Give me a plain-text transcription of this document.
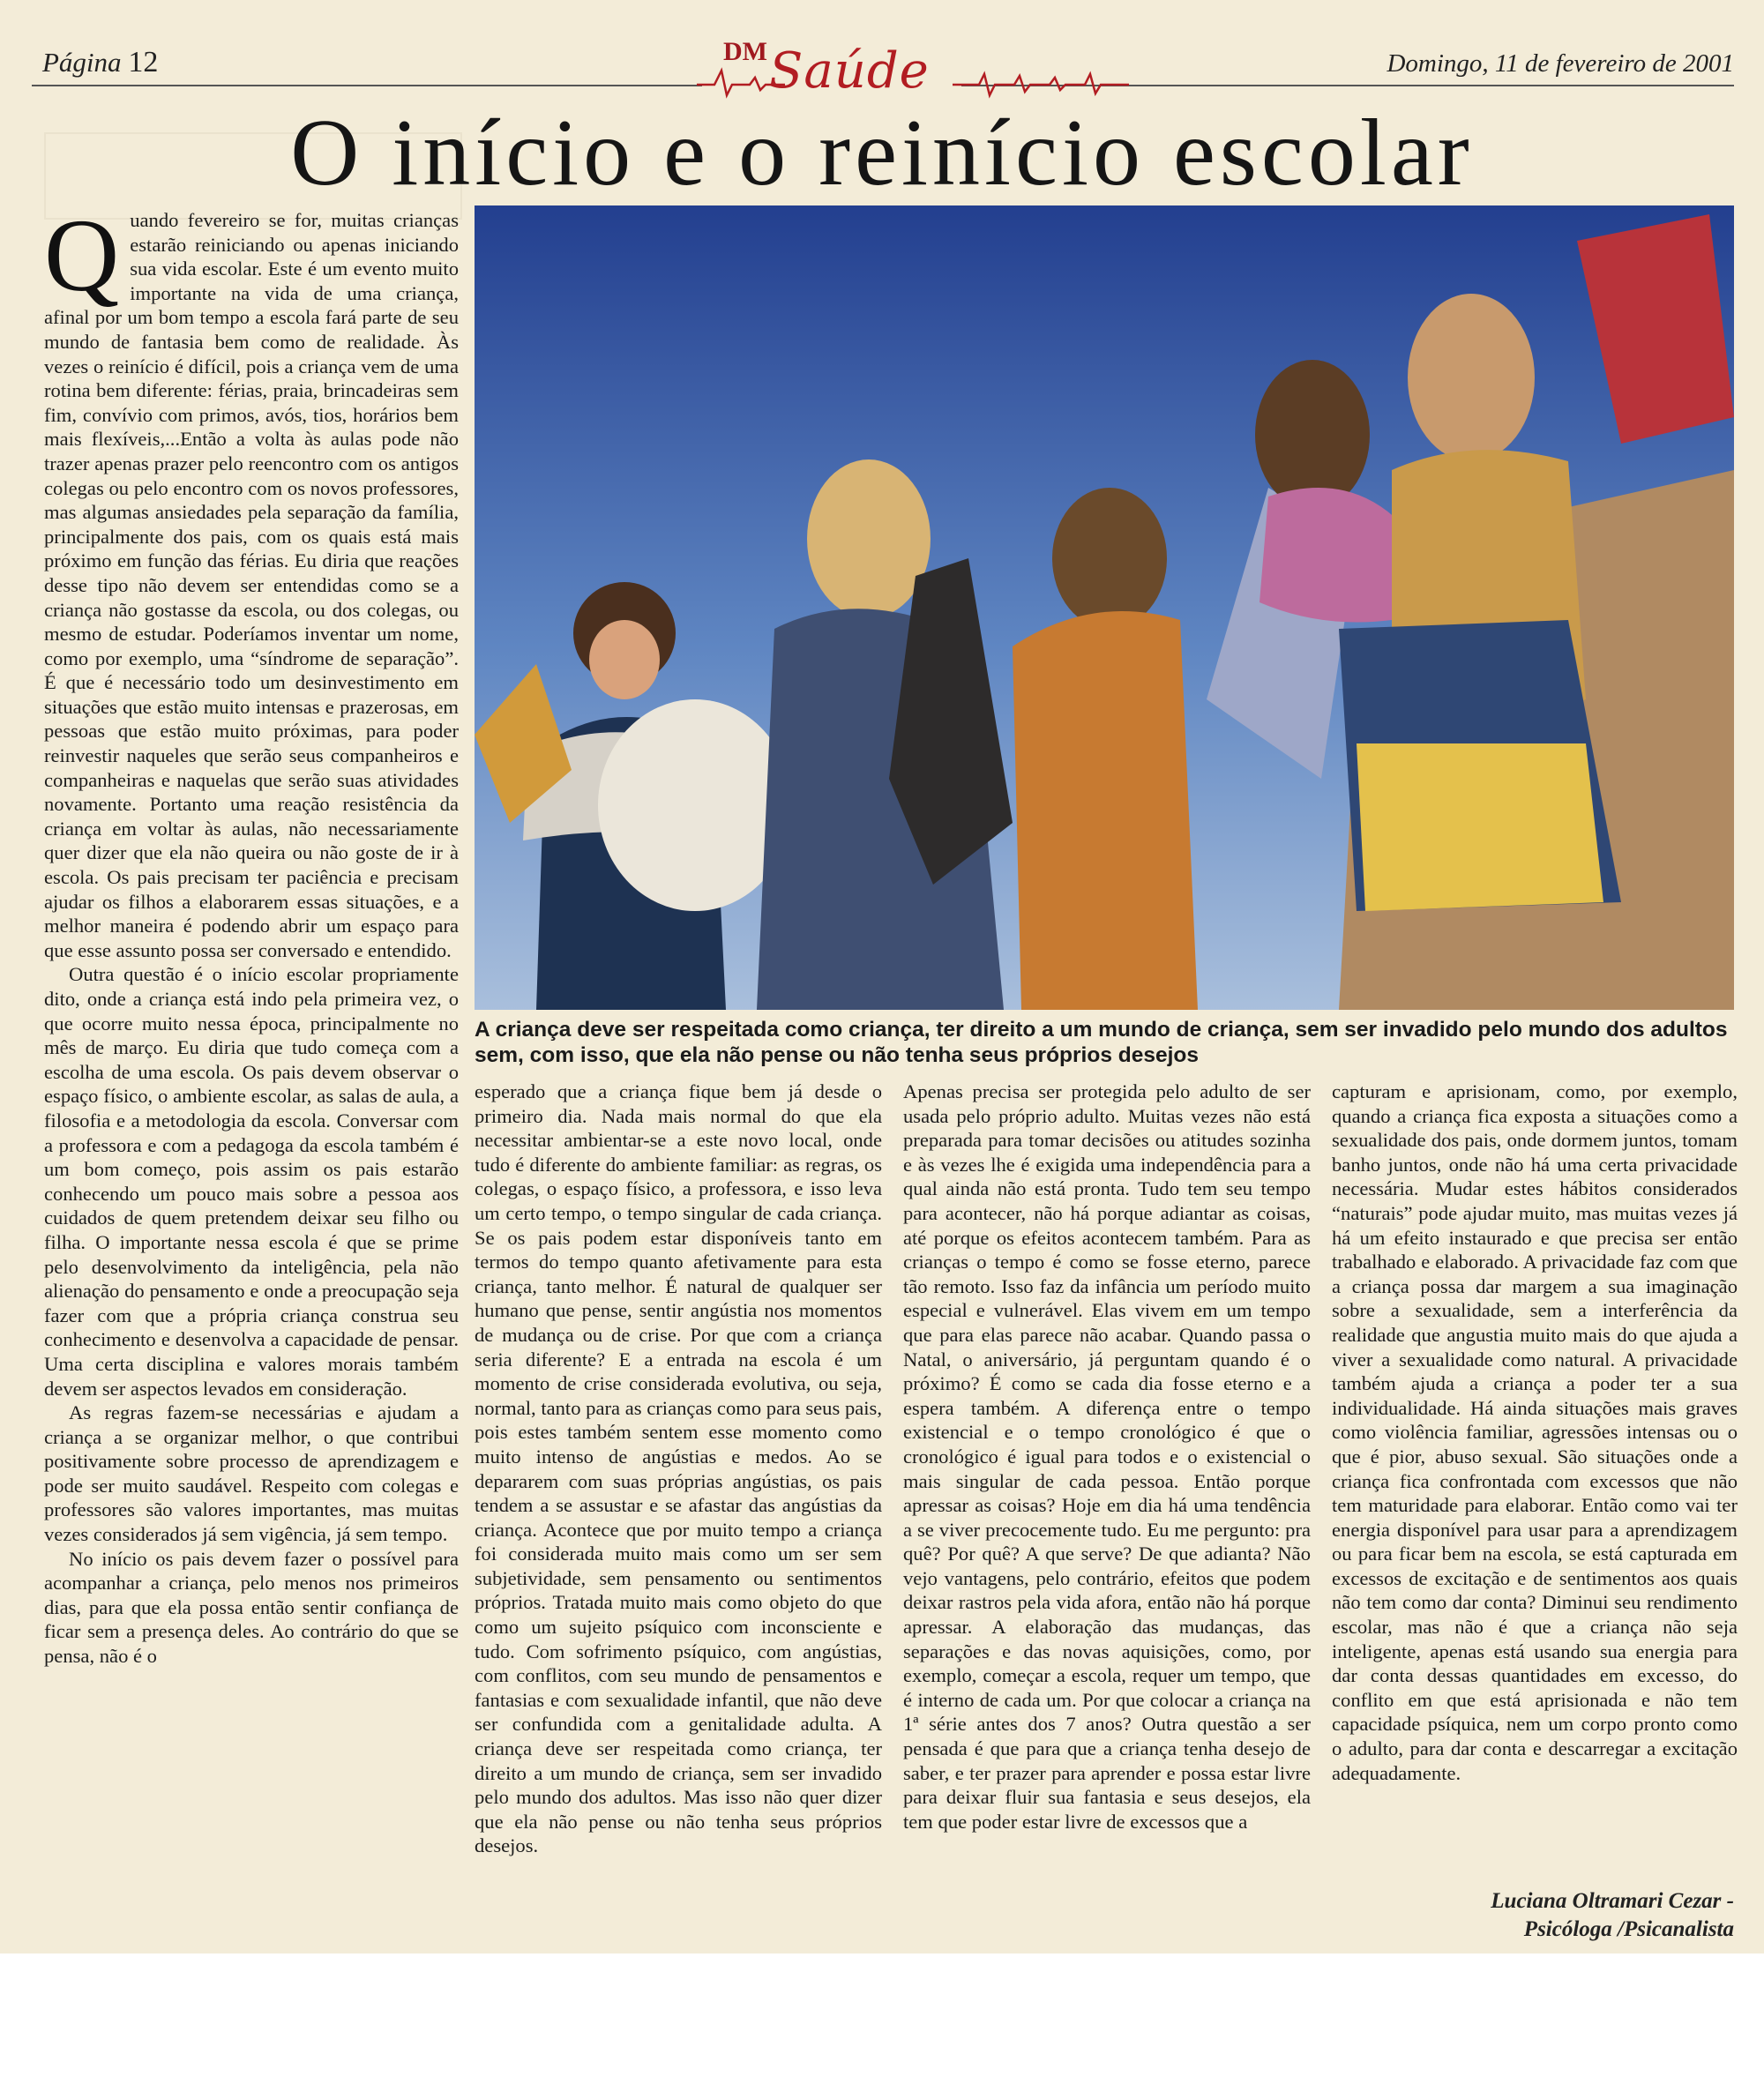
Página 12	DM Saúde	Domingo, 11 de fevereiro de 2001
O início e o reinício escolar

Quando fevereiro se for, muitas crianças estarão reiniciando ou apenas iniciando sua vida escolar. Este é um evento muito importante na vida de uma criança, afinal por um bom tempo a escola fará parte de seu mundo de fantasia bem como de realidade. Às vezes o reinício é difícil, pois a criança vem de uma rotina bem diferente: férias, praia, brincadeiras sem fim, convívio com primos, avós, tios, horários bem mais flexíveis,...Então a volta às aulas pode não trazer apenas prazer pelo reencontro com os antigos colegas ou pelo encontro com os novos professores, mas algumas ansiedades pela separação da família, principalmente dos pais, com os quais está mais próximo em função das férias. Eu diria que reações desse tipo não devem ser entendidas como se a criança não gostasse da escola, ou dos colegas, ou mesmo de estudar. Poderíamos inventar um nome, como por exemplo, uma “síndrome de separação”. É que é necessário todo um desinvestimento em situações que estão muito intensas e prazerosas, em pessoas que estão muito próximas, para poder reinvestir naqueles que serão seus companheiros e companheiras e naquelas que serão suas atividades novamente. Portanto uma reação resistência da criança em voltar às aulas, não necessariamente quer dizer que ela não queira ou não goste de ir à escola. Os pais precisam ter paciência e precisam ajudar os filhos a elaborarem essas situações, e a melhor maneira é podendo abrir um espaço para que esse assunto possa ser conversado e entendido.

Outra questão é o início escolar propriamente dito, onde a criança está indo pela primeira vez, o que ocorre muito nessa época, principalmente no mês de março. Eu diria que tudo começa com a escolha de uma escola. Os pais devem observar o espaço físico, o ambiente escolar, as salas de aula, a filosofia e a metodologia da escola. Conversar com a professora e com a pedagoga da escola também é um bom começo, pois assim os pais estarão conhecendo um pouco mais sobre a pessoa aos cuidados de quem pretendem deixar seu filho ou filha. O importante nessa escola é que se prime pelo desenvolvimento da inteligência, pela não alienação do pensamento e onde a preocupação seja fazer com que a própria criança construa seu conhecimento e desenvolva a capacidade de pensar. Uma certa disciplina e valores morais também devem ser aspectos levados em consideração.

As regras fazem-se necessárias e ajudam a criança a se organizar melhor, o que contribui positivamente sobre processo de aprendizagem e pode ser muito saudável. Respeito com colegas e professores são valores importantes, mas muitas vezes considerados já sem vigência, já sem tempo.

No início os pais devem fazer o possível para acompanhar a criança, pelo menos nos primeiros dias, para que ela possa então sentir confiança de ficar sem a presença deles. Ao contrário do que se pensa, não é o

A criança deve ser respeitada como criança, ter direito a um mundo de criança, sem ser invadido pelo mundo dos adultos sem, com isso, que ela não pense ou não tenha seus próprios desejos

esperado que a criança fique bem já desde o primeiro dia. Nada mais normal do que ela necessitar ambientar-se a este novo local, onde tudo é diferente do ambiente familiar: as regras, os colegas, o espaço físico, a professora, e isso leva um certo tempo, o tempo singular de cada criança. Se os pais podem estar disponíveis tanto em termos do tempo quanto afetivamente para esta criança, tanto melhor. É natural de qualquer ser humano que pense, sentir angústia nos momentos de mudança ou de crise. Por que com a criança seria diferente? E a entrada na escola é um momento de crise considerada evolutiva, ou seja, normal, tanto para as crianças como para seus pais, pois estes também sentem esse momento como muito intenso de angústias e medos. Ao se depararem com suas próprias angústias, os pais tendem a se assustar e se afastar das angústias da criança. Acontece que por muito tempo a criança foi considerada muito mais como um ser sem subjetividade, sem pensamento ou sentimentos próprios. Tratada muito mais como objeto do que como um sujeito psíquico com inconsciente e tudo. Com sofrimento psíquico, com angústias, com conflitos, com seu mundo de pensamentos e fantasias e com sexualidade infantil, que não deve ser confundida com a genitalidade adulta. A criança deve ser respeitada como criança, ter direito a um mundo de criança, sem ser invadido pelo mundo dos adultos. Mas isso não quer dizer que ela não pense ou não tenha seus próprios desejos.

Apenas precisa ser protegida pelo adulto de ser usada pelo próprio adulto. Muitas vezes não está preparada para tomar decisões ou atitudes sozinha e às vezes lhe é exigida uma independência para a qual ainda não está pronta. Tudo tem seu tempo para acontecer, não há porque adiantar as coisas, até porque os efeitos acontecem também. Para as crianças o tempo é como se fosse eterno, parece tão remoto. Isso faz da infância um período muito especial e vulnerável. Elas vivem em um tempo que para elas parece não acabar. Quando passa o Natal, o aniversário, já perguntam quando é o próximo? É como se cada dia fosse eterno e a espera também. A diferença entre o tempo existencial e o tempo cronológico é que o cronológico é igual para todos e o existencial o mais singular de cada pessoa. Então porque apressar as coisas? Hoje em dia há uma tendência a se viver precocemente tudo. Eu me pergunto: pra quê? Por quê? A que serve? De que adianta? Não vejo vantagens, pelo contrário, efeitos que podem deixar rastros pela vida afora, então não há porque apressar. A elaboração das mudanças, das separações e das novas aquisições, como, por exemplo, começar a escola, requer um tempo, que é interno de cada um. Por que colocar a criança na 1ª série antes dos 7 anos? Outra questão a ser pensada é que para que a criança tenha desejo de saber, e ter prazer para aprender e possa estar livre para deixar fluir sua fantasia e seus desejos, ela tem que poder estar livre de excessos que a

capturam e aprisionam, como, por exemplo, quando a criança fica exposta a situações como a sexualidade dos pais, onde dormem juntos, tomam banho juntos, onde não há uma certa privacidade necessária. Mudar estes hábitos considerados “naturais” pode ajudar muito, mas muitas vezes já há um efeito instaurado e que precisa ser então trabalhado e elaborado. A privacidade faz com que a criança possa dar margem a sua imaginação sobre a sexualidade, sem a interferência da realidade que angustia muito mais do que ajuda a viver a sexualidade como natural. A privacidade também ajuda a criança a poder ter a sua individualidade. Há ainda situações mais graves como violência familiar, agressões intensas ou o que é pior, abuso sexual. São situações onde a criança fica confrontada com excessos que não tem maturidade para elaborar. Então como vai ter energia disponível para usar para a aprendizagem ou para ficar bem na escola, se está capturada em excessos de excitação e de sentimentos aos quais não tem como dar conta? Diminui seu rendimento escolar, mas não é que a criança não seja inteligente, apenas está usando sua energia para dar conta dessas quantidades em excesso, do conflito em que está aprisionada e não tem capacidade psíquica, nem um corpo pronto como o adulto, para dar conta e descarregar a excitação adequadamente.

Luciana Oltramari Cezar -
Psicóloga /Psicanalista
